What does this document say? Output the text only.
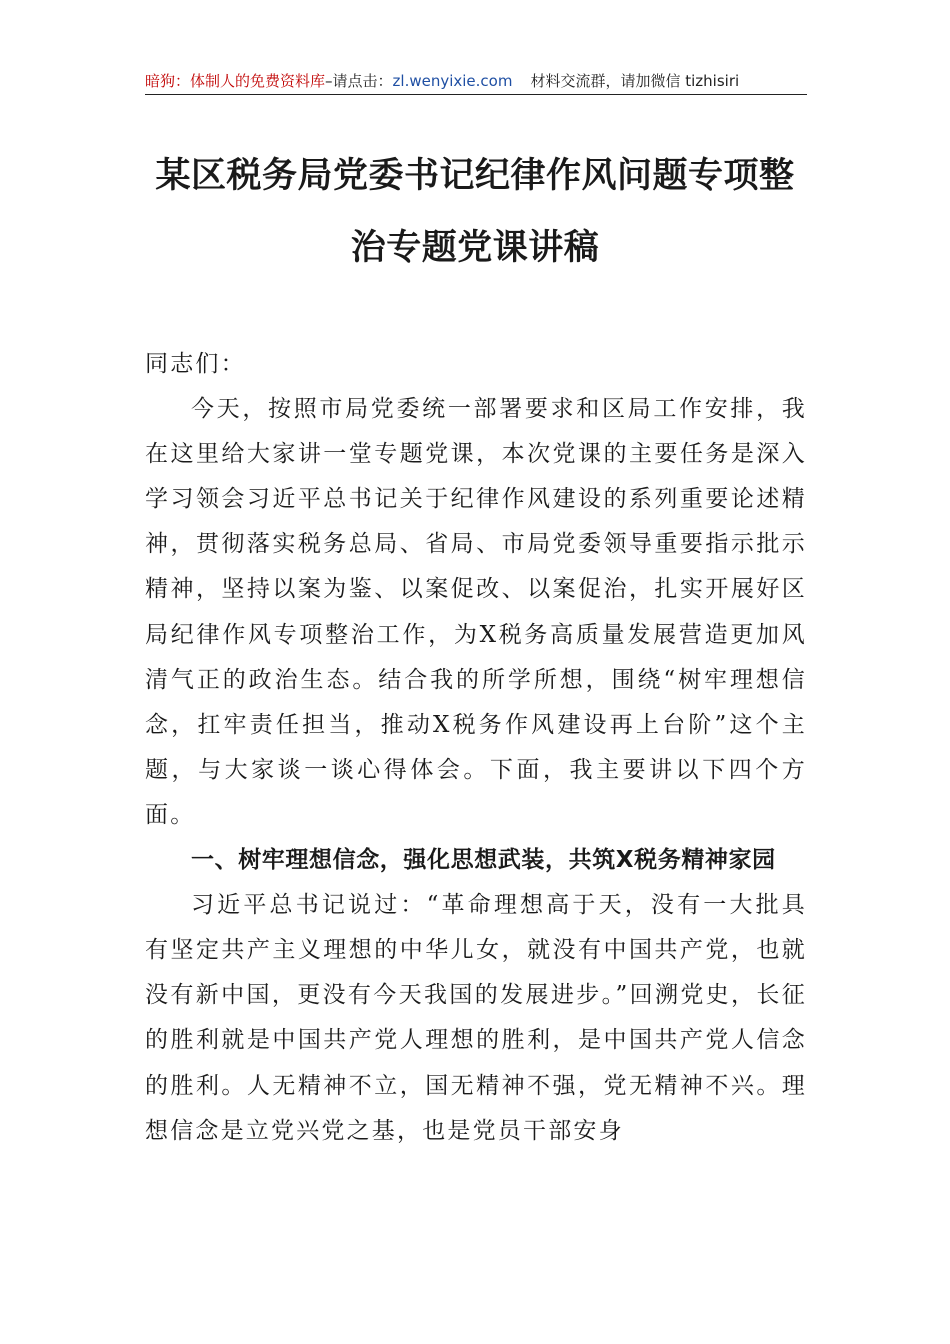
暗狗：体制人的免费资料库–请点击：zl.wenyixie.com 材料交流群，请加微信 tizhisiri
某区税务局党委书记纪律作风问题专项整治专题党课讲稿

同志们：

今天，按照市局党委统一部署要求和区局工作安排，我在这里给大家讲一堂专题党课，本次党课的主要任务是深入学习领会习近平总书记关于纪律作风建设的系列重要论述精神，贯彻落实税务总局、省局、市局党委领导重要指示批示精神，坚持以案为鉴、以案促改、以案促治，扎实开展好区局纪律作风专项整治工作，为X税务高质量发展营造更加风清气正的政治生态。结合我的所学所想，围绕“树牢理想信念，扛牢责任担当，推动X税务作风建设再上台阶”这个主题，与大家谈一谈心得体会。下面，我主要讲以下四个方面。

一、树牢理想信念，强化思想武装，共筑X税务精神家园

习近平总书记说过：“革命理想高于天，没有一大批具有坚定共产主义理想的中华儿女，就没有中国共产党，也就没有新中国，更没有今天我国的发展进步。”回溯党史，长征的胜利就是中国共产党人理想的胜利，是中国共产党人信念的胜利。人无精神不立，国无精神不强，党无精神不兴。理想信念是立党兴党之基，也是党员干部安身
